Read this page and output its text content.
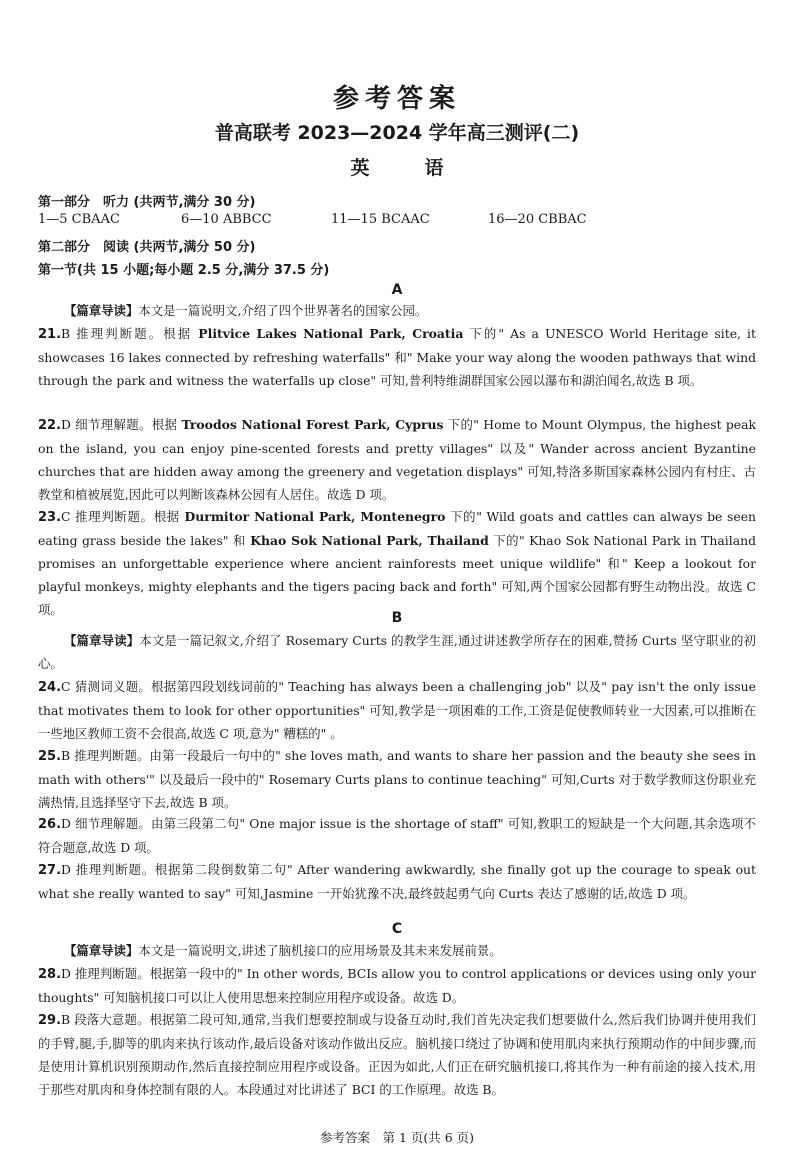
参考答案
普高联考 2023—2024 学年高三测评(二)
英　语
第一部分　听力 (共两节,满分 30 分)
1—5 CBAAC	6—10 ABBCC	11—15 BCAAC	16—20 CBBAC
第二部分　阅读 (共两节,满分 50 分)
第一节(共 15 小题;每小题 2.5 分,满分 37.5 分)
A
【篇章导读】本文是一篇说明文,介绍了四个世界著名的国家公园。
21.B 推理判断题。根据 Plitvice Lakes National Park, Croatia 下的" As a UNESCO World Heritage site, it showcases 16 lakes connected by refreshing waterfalls" 和" Make your way along the wooden pathways that wind through the park and witness the waterfalls up close" 可知,普利特维湖群国家公园以瀑布和湖泊闻名,故选 B 项。
22.D 细节理解题。根据 Troodos National Forest Park, Cyprus 下的" Home to Mount Olympus, the highest peak on the island, you can enjoy pine-scented forests and pretty villages" 以及" Wander across ancient Byzantine churches that are hidden away among the greenery and vegetation displays" 可知,特洛多斯国家森林公园内有村庄、古教堂和植被展览,因此可以判断该森林公园有人居住。故选 D 项。
23.C 推理判断题。根据 Durmitor National Park, Montenegro 下的" Wild goats and cattles can always be seen eating grass beside the lakes" 和 Khao Sok National Park, Thailand 下的" Khao Sok National Park in Thailand promises an unforgettable experience where ancient rainforests meet unique wildlife" 和" Keep a lookout for playful monkeys, mighty elephants and the tigers pacing back and forth" 可知,两个国家公园都有野生动物出没。故选 C 项。
B
【篇章导读】本文是一篇记叙文,介绍了 Rosemary Curts 的教学生涯,通过讲述教学所存在的困难,赞扬 Curts 坚守职业的初心。
24.C 猜测词义题。根据第四段划线词前的" Teaching has always been a challenging job" 以及" pay isn't the only issue that motivates them to look for other opportunities" 可知,教学是一项困难的工作,工资是促使教师转业一大因素,可以推断在一些地区教师工资不会很高,故选 C 项,意为" 糟糕的" 。
25.B 推理判断题。由第一段最后一句中的" she loves math, and wants to share her passion and the beauty she sees in math with others'" 以及最后一段中的" Rosemary Curts plans to continue teaching" 可知,Curts 对于数学教师这份职业充满热情,且选择坚守下去,故选 B 项。
26.D 细节理解题。由第三段第二句" One major issue is the shortage of staff" 可知,教职工的短缺是一个大问题,其余选项不符合题意,故选 D 项。
27.D 推理判断题。根据第二段倒数第二句" After wandering awkwardly, she finally got up the courage to speak out what she really wanted to say" 可知,Jasmine 一开始犹豫不决,最终鼓起勇气向 Curts 表达了感谢的话,故选 D 项。
C
【篇章导读】本文是一篇说明文,讲述了脑机接口的应用场景及其未来发展前景。
28.D 推理判断题。根据第一段中的" In other words, BCIs allow you to control applications or devices using only your thoughts" 可知脑机接口可以让人使用思想来控制应用程序或设备。故选 D。
29.B 段落大意题。根据第二段可知,通常,当我们想要控制或与设备互动时,我们首先决定我们想要做什么,然后我们协调并使用我们的手臂,腿,手,脚等的肌肉来执行该动作,最后设备对该动作做出反应。脑机接口绕过了协调和使用肌肉来执行预期动作的中间步骤,而是使用计算机识别预期动作,然后直接控制应用程序或设备。正因为如此,人们正在研究脑机接口,将其作为一种有前途的接入技术,用于那些对肌肉和身体控制有限的人。本段通过对比讲述了 BCI 的工作原理。故选 B。
参考答案　第 1 页(共 6 页)
